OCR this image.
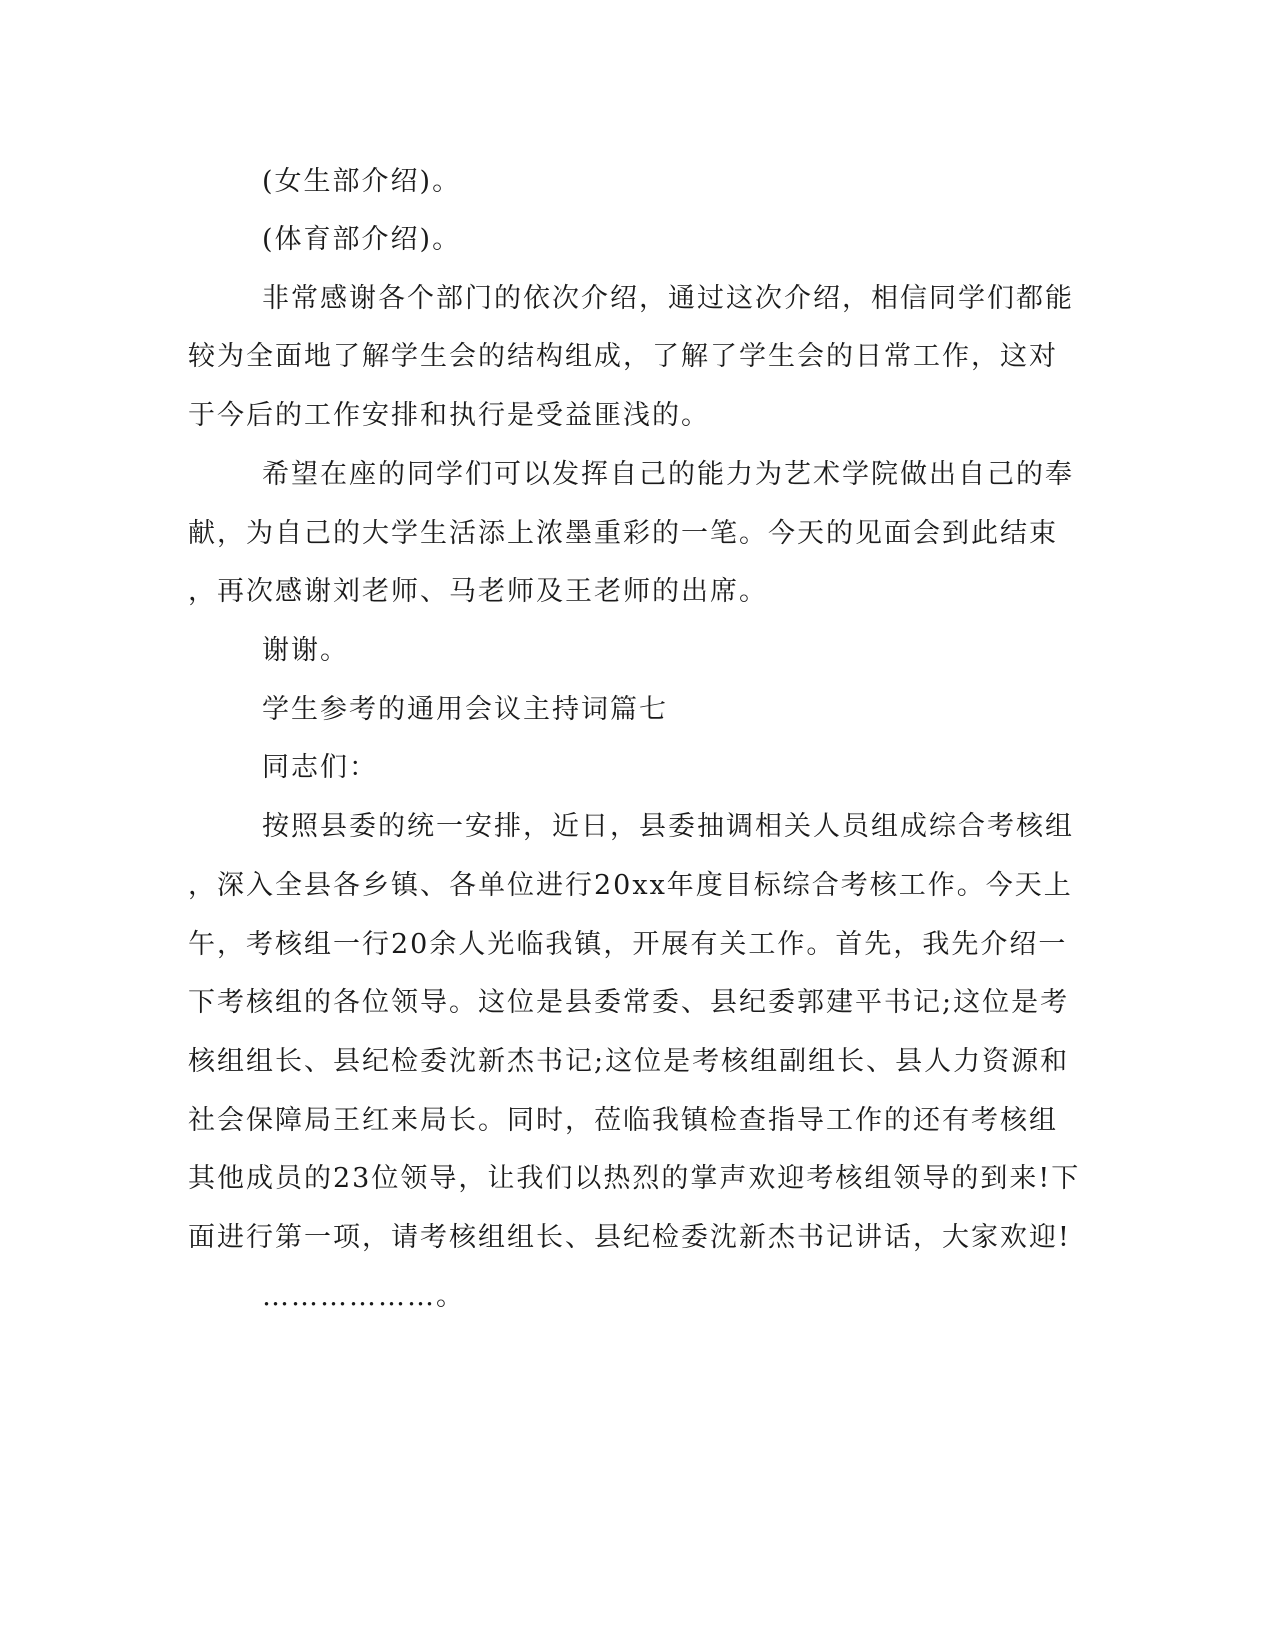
(女生部介绍)。

(体育部介绍)。

非常感谢各个部门的依次介绍，通过这次介绍，相信同学们都能

较为全面地了解学生会的结构组成，了解了学生会的日常工作，这对

于今后的工作安排和执行是受益匪浅的。

希望在座的同学们可以发挥自己的能力为艺术学院做出自己的奉

献，为自己的大学生活添上浓墨重彩的一笔。今天的见面会到此结束

，再次感谢刘老师、马老师及王老师的出席。

谢谢。

学生参考的通用会议主持词篇七

同志们：

按照县委的统一安排，近日，县委抽调相关人员组成综合考核组

，深入全县各乡镇、各单位进行20xx年度目标综合考核工作。今天上

午，考核组一行20余人光临我镇，开展有关工作。首先，我先介绍一

下考核组的各位领导。这位是县委常委、县纪委郭建平书记;这位是考

核组组长、县纪检委沈新杰书记;这位是考核组副组长、县人力资源和

社会保障局王红来局长。同时，莅临我镇检查指导工作的还有考核组

其他成员的23位领导，让我们以热烈的掌声欢迎考核组领导的到来!下

面进行第一项，请考核组组长、县纪检委沈新杰书记讲话，大家欢迎!

………………。
